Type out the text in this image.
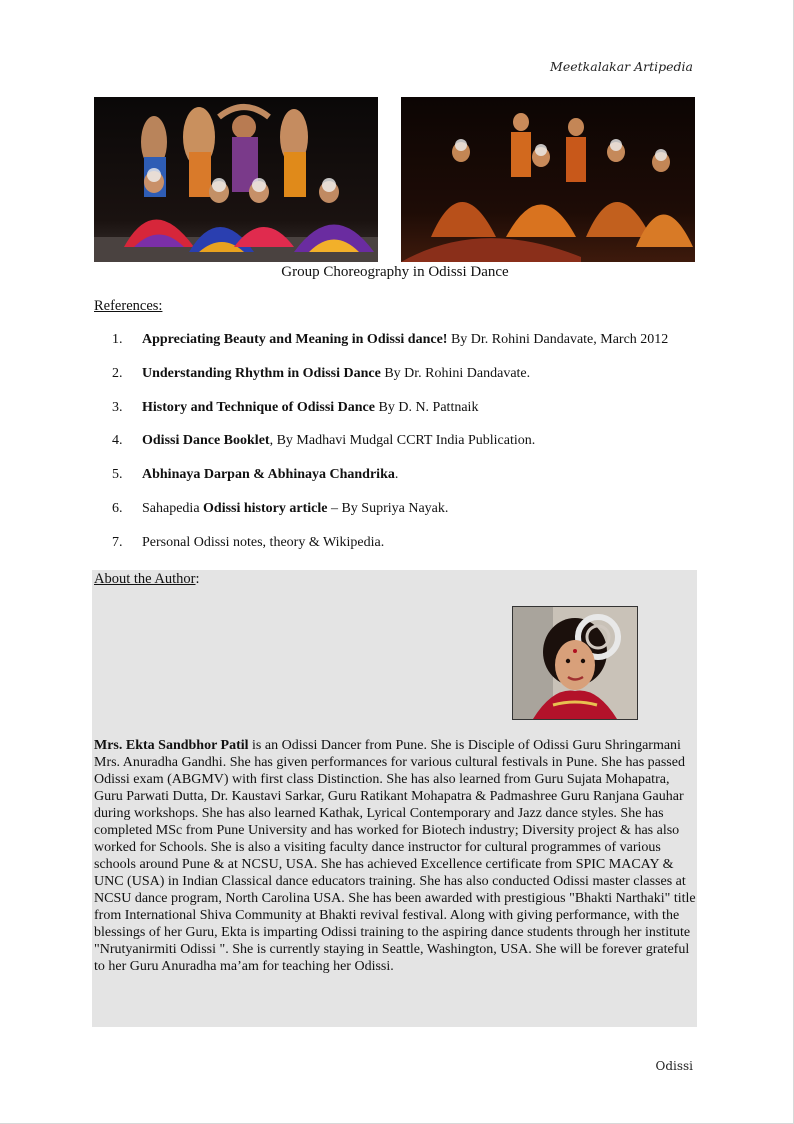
Meetkalakar Artipedia
Group Choreography in Odissi Dance
References:
1.	Appreciating Beauty and Meaning in Odissi dance! By Dr. Rohini Dandavate, March 2012
2.	Understanding Rhythm in Odissi Dance By Dr. Rohini Dandavate.
3.	History and Technique of Odissi Dance By D. N. Pattnaik
4.	Odissi Dance Booklet, By Madhavi Mudgal CCRT India Publication.
5.	Abhinaya Darpan & Abhinaya Chandrika.
6.	Sahapedia Odissi history article – By Supriya Nayak.
7.	Personal Odissi notes, theory & Wikipedia.
About the Author:
Mrs. Ekta Sandbhor Patil is an Odissi Dancer from Pune. She is Disciple of Odissi Guru Shringarmani Mrs. Anuradha Gandhi. She has given performances for various cultural festivals in Pune. She has passed Odissi exam (ABGMV) with first class Distinction. She has also learned from Guru Sujata Mohapatra, Guru Parwati Dutta, Dr. Kaustavi Sarkar, Guru Ratikant Mohapatra & Padmashree Guru Ranjana Gauhar during workshops. She has also learned Kathak, Lyrical Contemporary and Jazz dance styles. She has completed MSc from Pune University and has worked for Biotech industry; Diversity project & has also worked for Schools. She is also a visiting faculty dance instructor for cultural programmes of various schools around Pune & at NCSU, USA. She has achieved Excellence certificate from SPIC MACAY & UNC (USA) in Indian Classical dance educators training. She has also conducted Odissi master classes at NCSU dance program, North Carolina USA. She has been awarded with prestigious "Bhakti Narthaki" title from International Shiva Community at Bhakti revival festival. Along with giving performance, with the blessings of her Guru, Ekta is imparting Odissi training to the aspiring dance students through her institute "Nrutyanirmiti Odissi ". She is currently staying in Seattle, Washington, USA. She will be forever grateful to her Guru Anuradha ma’am for teaching her Odissi.
Odissi
